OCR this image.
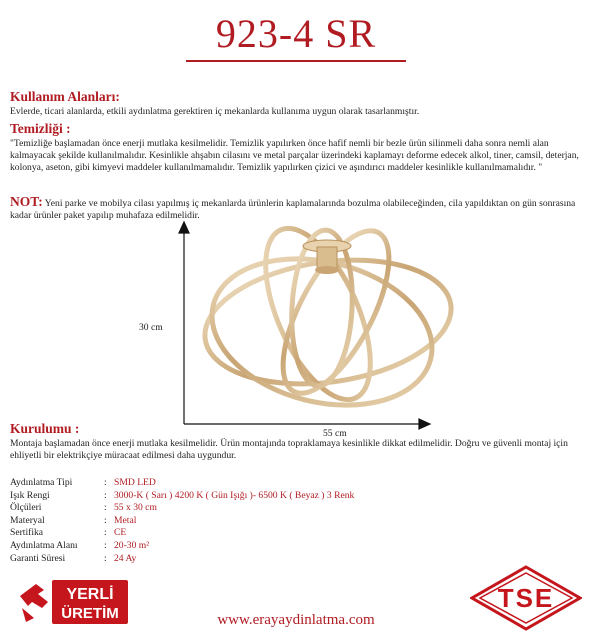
923-4 SR
Kullanım Alanları:
Evlerde, ticari alanlarda, etkili aydınlatma gerektiren iç mekanlarda kullanıma uygun olarak tasarlanmıştır.
Temizliği :
"Temizliğe başlamadan önce enerji mutlaka kesilmelidir. Temizlik yapılırken önce hafif nemli bir bezle ürün silinmeli daha sonra nemli alan kalmayacak şekilde kullanılmalıdır. Kesinlikle ahşabın cilasını ve metal parçalar üzerindeki kaplamayı deforme edecek alkol, tiner, camsil, deterjan, kolonya, aseton, gibi kimyevi maddeler kullanılmamalıdır. Temizlik yapılırken çizici ve aşındırıcı maddeler kesinlikle kullanılmamalıdır. "
NOT: Yeni parke ve mobilya cilası yapılmış iç mekanlarda ürünlerin kaplamalarında bozulma olabileceğinden, cila yapıldıktan on gün sonrasına kadar ürünler paket yapılıp muhafaza edilmelidir.
30 cm
55 cm
Kurulumu :
Montaja başlamadan önce enerji mutlaka kesilmelidir. Ürün montajında topraklamaya kesinlikle dikkat edilmelidir. Doğru ve güvenli montaj için ehliyetli bir elektrikçiye müracaat edilmesi daha uygundur.
Aydınlatma Tipi	: SMD LED
Işık Rengi	: 3000-K ( Sarı ) 4200 K ( Gün Işığı )- 6500 K ( Beyaz ) 3 Renk
Ölçüleri	: 55 x 30 cm
Materyal	: Metal
Sertifika	: CE
Aydınlatma Alanı	: 20-30 m²
Garanti Süresi	: 24 Ay
YERLİ
ÜRETİM
TSE
www.erayaydinlatma.com
